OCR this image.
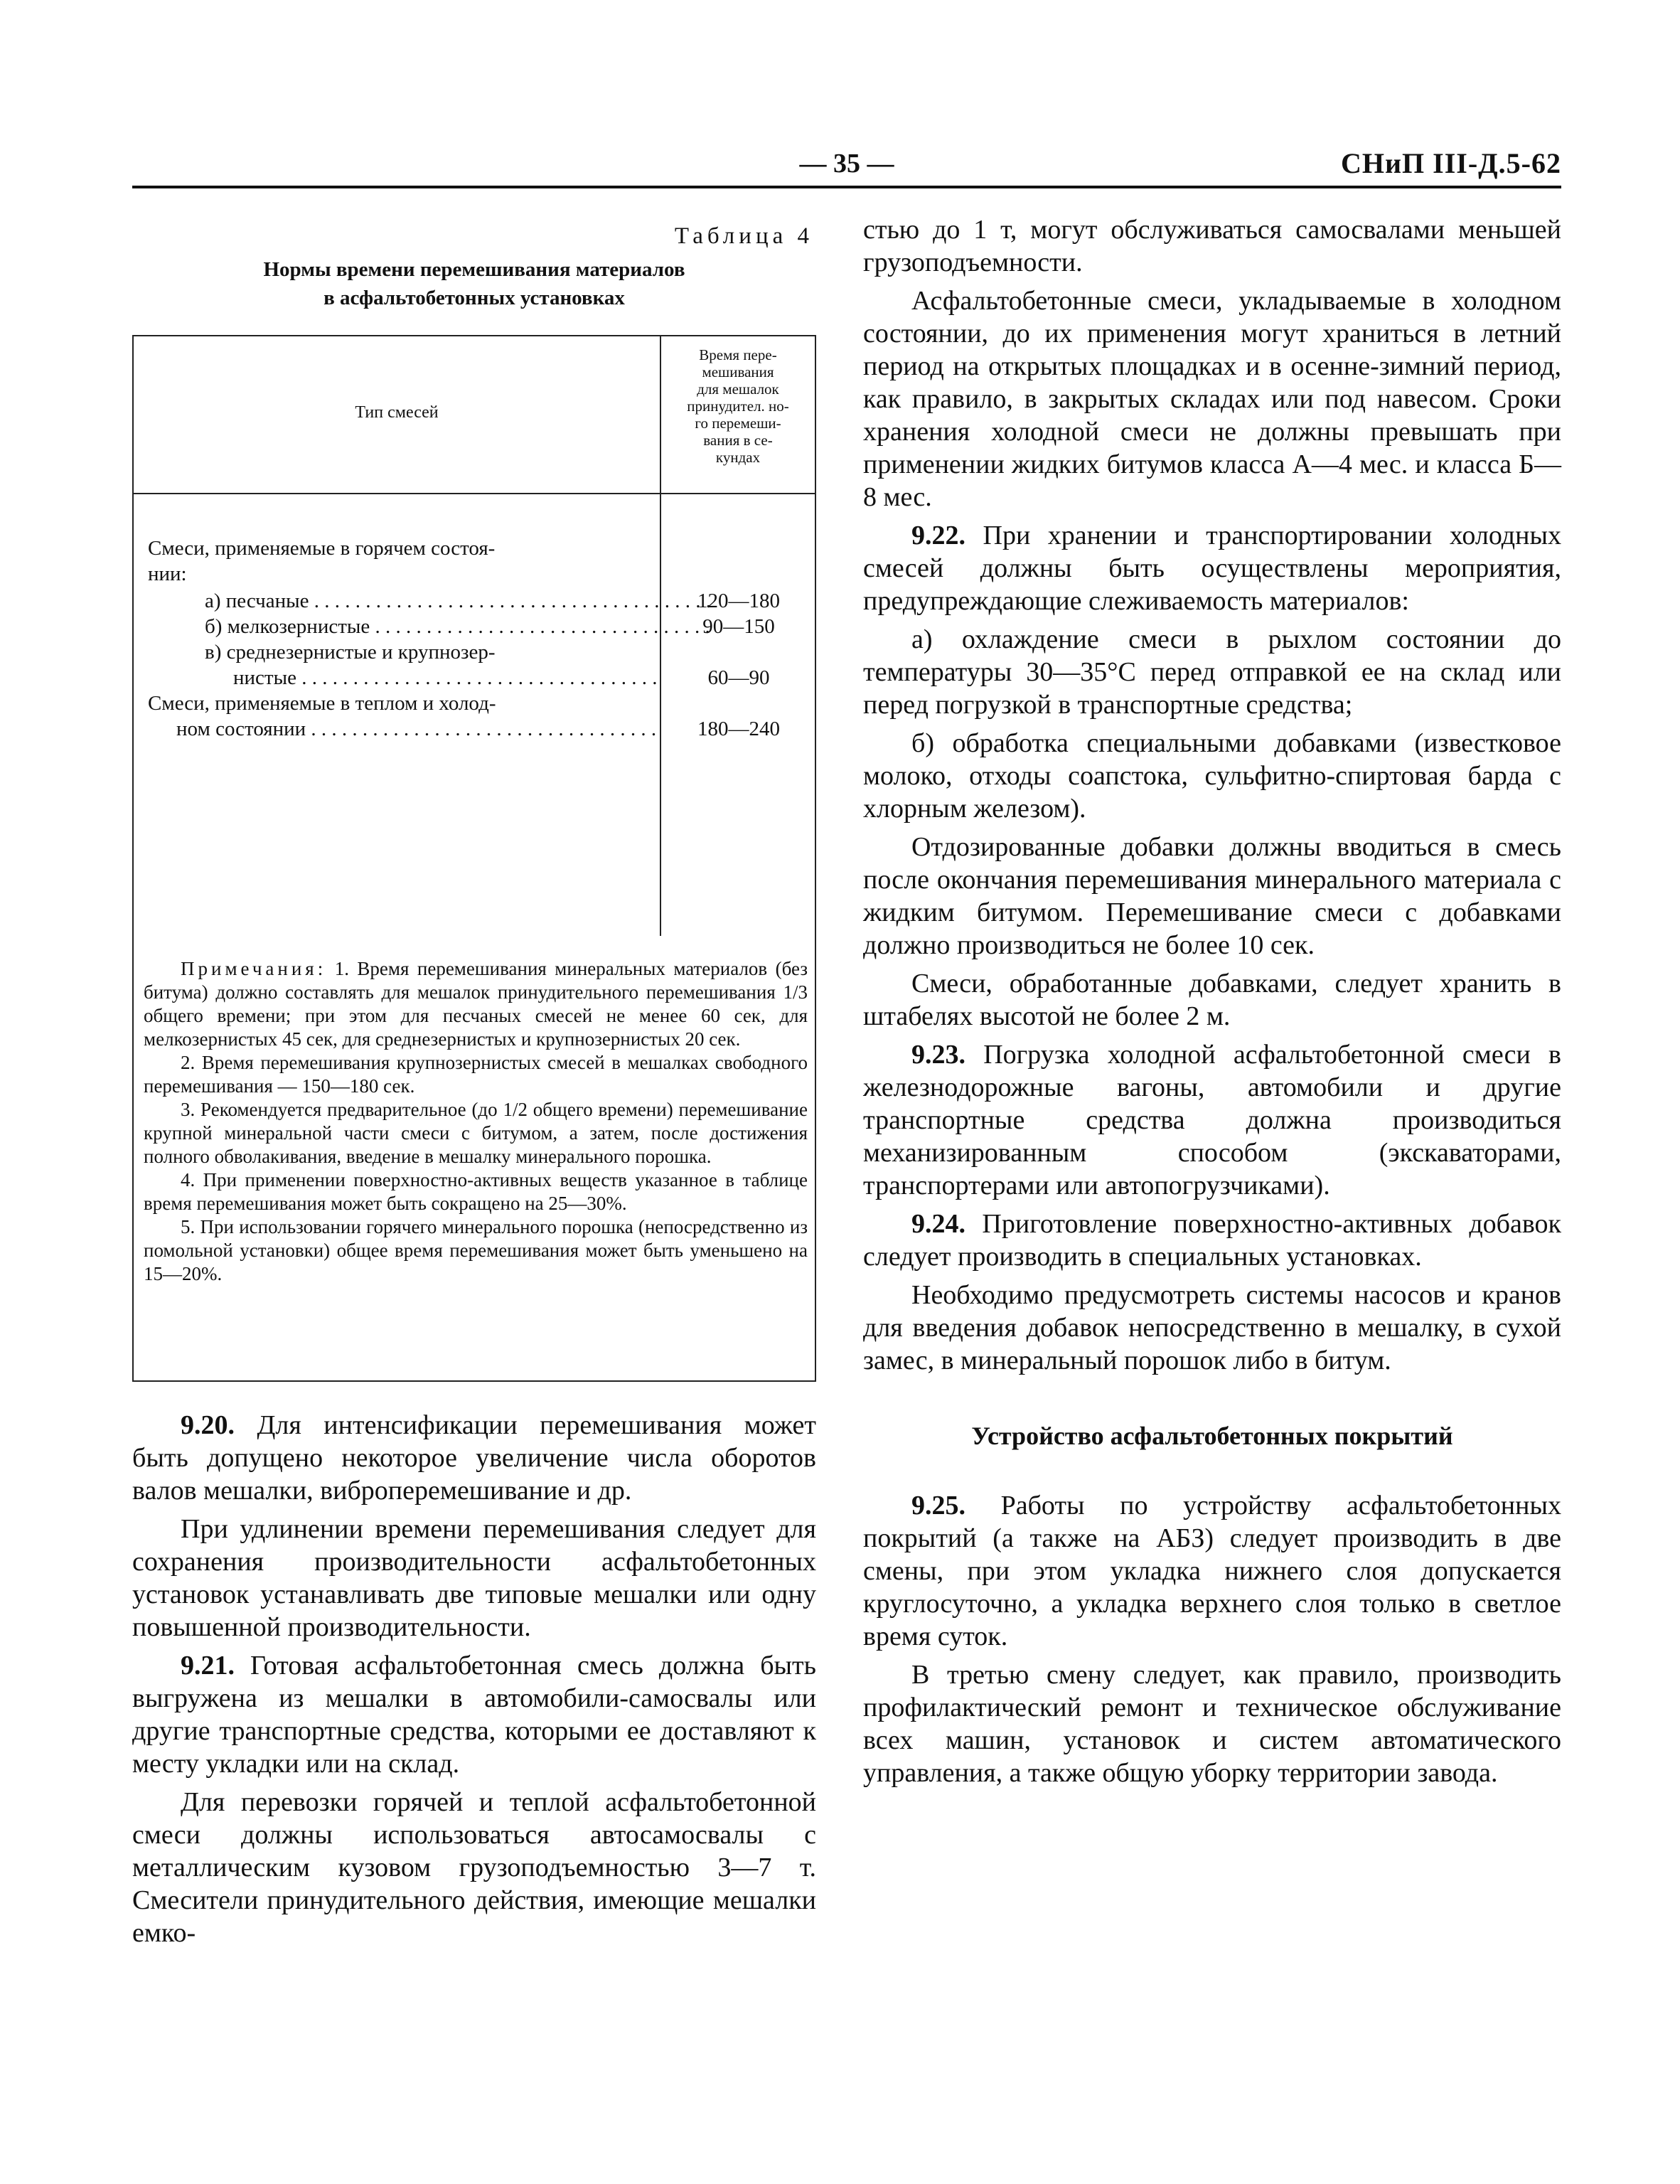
— 35 —	СНиП III-Д.5-62
Таблица 4
Нормы времени перемешивания материалов
в асфальтобетонных установках
Тип смесей
Время пере-
мешивания
для мешалок
принудител. но-
го перемеши-
вания в се-
кундах
Смеси, применяемые в горячем состоя-
нии:
а) песчаные . . .	120—180
б) мелкозернистые . . .	90—150
в) среднезернистые и крупнозер-
нистые . . .	60—90
Смеси, применяемые в теплом и холод-
ном состоянии . . .	180—240

Примечания: 1. Время перемешивания минеральных материалов (без битума) должно составлять для мешалок принудительного перемешивания 1/3 общего времени; при этом для песчаных смесей не менее 60 сек, для мелкозернистых 45 сек, для среднезернистых и крупнозернистых 20 сек.

2. Время перемешивания крупнозернистых смесей в мешалках свободного перемешивания — 150—180 сек.

3. Рекомендуется предварительное (до 1/2 общего времени) перемешивание крупной минеральной части смеси с битумом, а затем, после достижения полного обволакивания, введение в мешалку минерального порошка.

4. При применении поверхностно-активных веществ указанное в таблице время перемешивания может быть сокращено на 25—30%.

5. При использовании горячего минерального порошка (непосредственно из помольной установки) общее время перемешивания может быть уменьшено на 15—20%.

9.20. Для интенсификации перемешивания может быть допущено некоторое увеличение числа оборотов валов мешалки, виброперемешивание и др.

При удлинении времени перемешивания следует для сохранения производительности асфальтобетонных установок устанавливать две типовые мешалки или одну повышенной производительности.

9.21. Готовая асфальтобетонная смесь должна быть выгружена из мешалки в автомобили-самосвалы или другие транспортные средства, которыми ее доставляют к месту укладки или на склад.

Для перевозки горячей и теплой асфальтобетонной смеси должны использоваться автосамосвалы с металлическим кузовом грузоподъемностью 3—7 т. Смесители принудительного действия, имеющие мешалки емко-

стью до 1 т, могут обслуживаться самосвалами меньшей грузоподъемности.

Асфальтобетонные смеси, укладываемые в холодном состоянии, до их применения могут храниться в летний период на открытых площадках и в осенне-зимний период, как правило, в закрытых складах или под навесом. Сроки хранения холодной смеси не должны превышать при применении жидких битумов класса А—4 мес. и класса Б—8 мес.

9.22. При хранении и транспортировании холодных смесей должны быть осуществлены мероприятия, предупреждающие слеживаемость материалов:

а) охлаждение смеси в рыхлом состоянии до температуры 30—35°C перед отправкой ее на склад или перед погрузкой в транспортные средства;

б) обработка специальными добавками (известковое молоко, отходы соапстока, сульфитно-спиртовая барда с хлорным железом).

Отдозированные добавки должны вводиться в смесь после окончания перемешивания минерального материала с жидким битумом. Перемешивание смеси с добавками должно производиться не более 10 сек.

Смеси, обработанные добавками, следует хранить в штабелях высотой не более 2 м.

9.23. Погрузка холодной асфальтобетонной смеси в железнодорожные вагоны, автомобили и другие транспортные средства должна производиться механизированным способом (экскаваторами, транспортерами или автопогрузчиками).

9.24. Приготовление поверхностно-активных добавок следует производить в специальных установках.

Необходимо предусмотреть системы насосов и кранов для введения добавок непосредственно в мешалку, в сухой замес, в минеральный порошок либо в битум.

Устройство асфальтобетонных покрытий

9.25. Работы по устройству асфальтобетонных покрытий (а также на АБЗ) следует производить в две смены, при этом укладка нижнего слоя допускается круглосуточно, а укладка верхнего слоя только в светлое время суток.

В третью смену следует, как правило, производить профилактический ремонт и техническое обслуживание всех машин, установок и систем автоматического управления, а также общую уборку территории завода.
